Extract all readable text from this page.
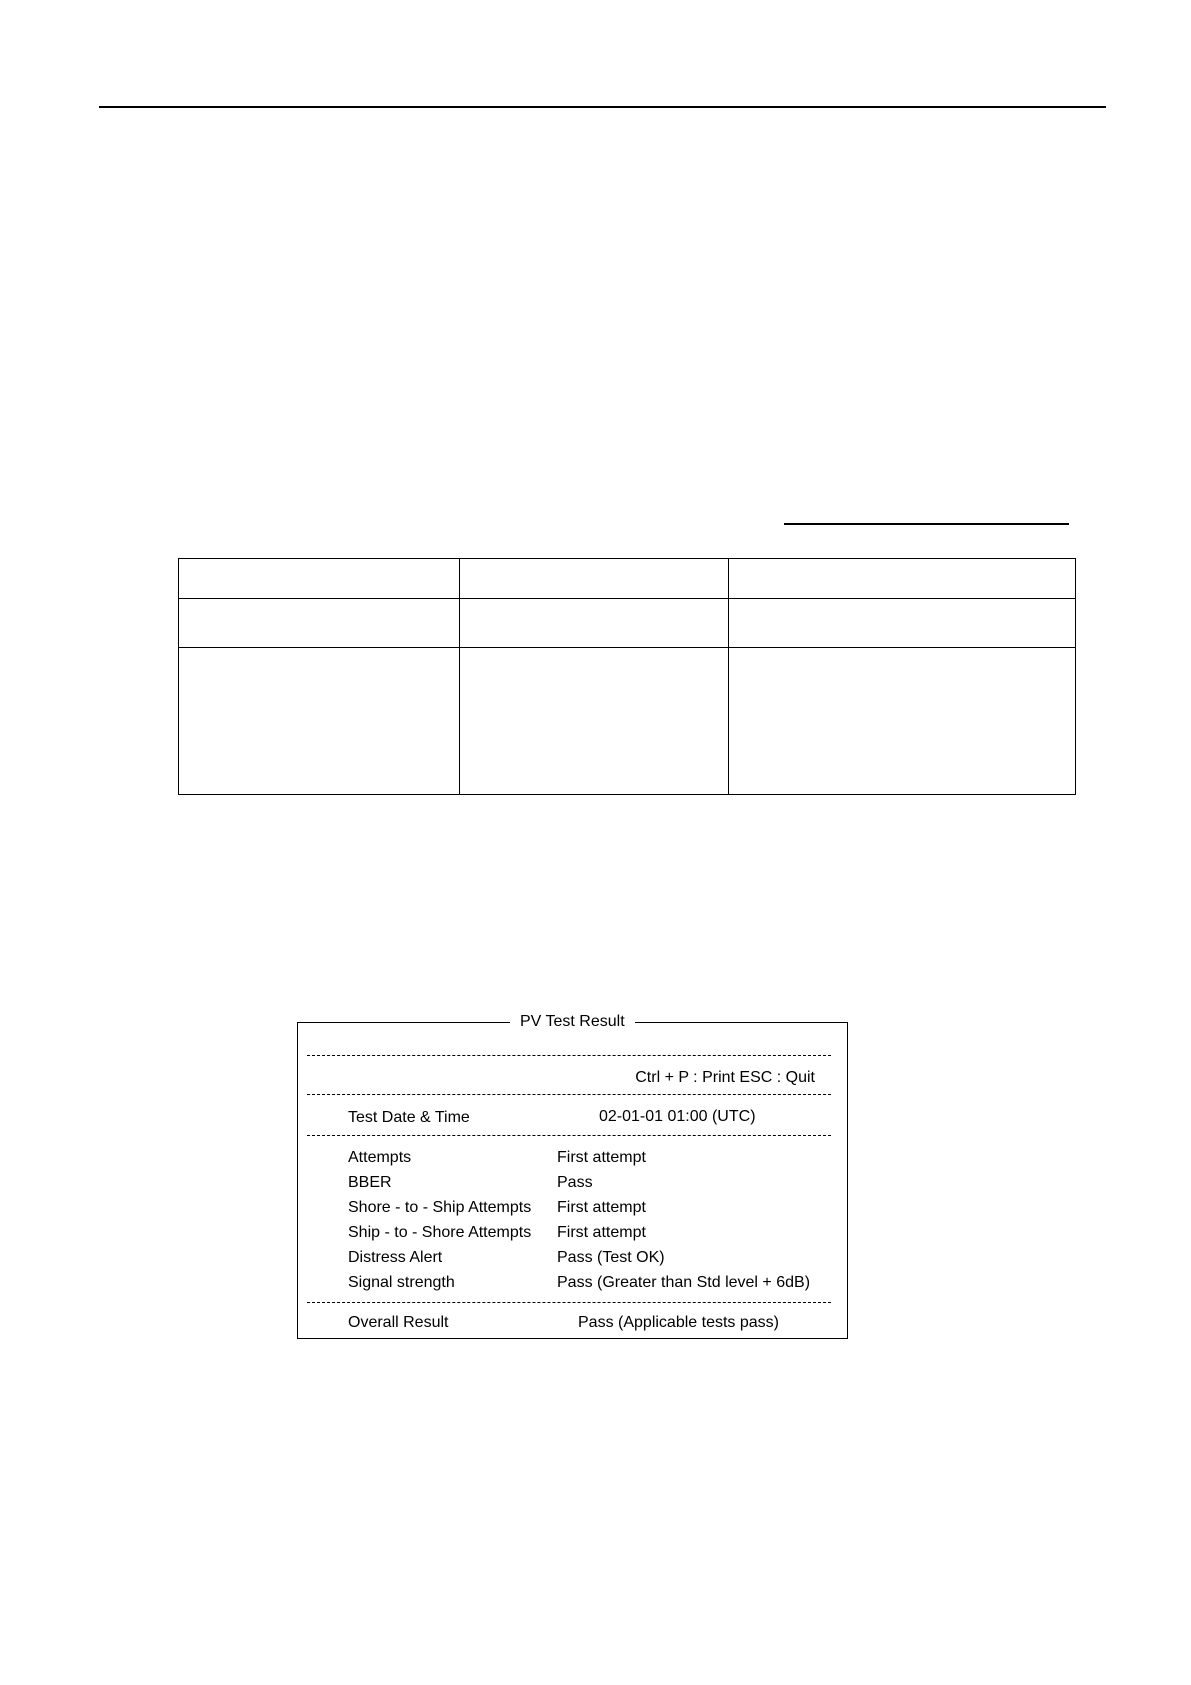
PV Test Result
Ctrl + P : Print ESC : Quit
Test Date & Time	02-01-01 01:00 (UTC)
Attempts	First attempt
BBER	Pass
Shore - to - Ship Attempts First attempt
Ship - to - Shore Attempts First attempt
Distress Alert	Pass (Test OK)
Signal strength	Pass (Greater than Std level + 6dB)
Overall Result	Pass (Applicable tests pass)
